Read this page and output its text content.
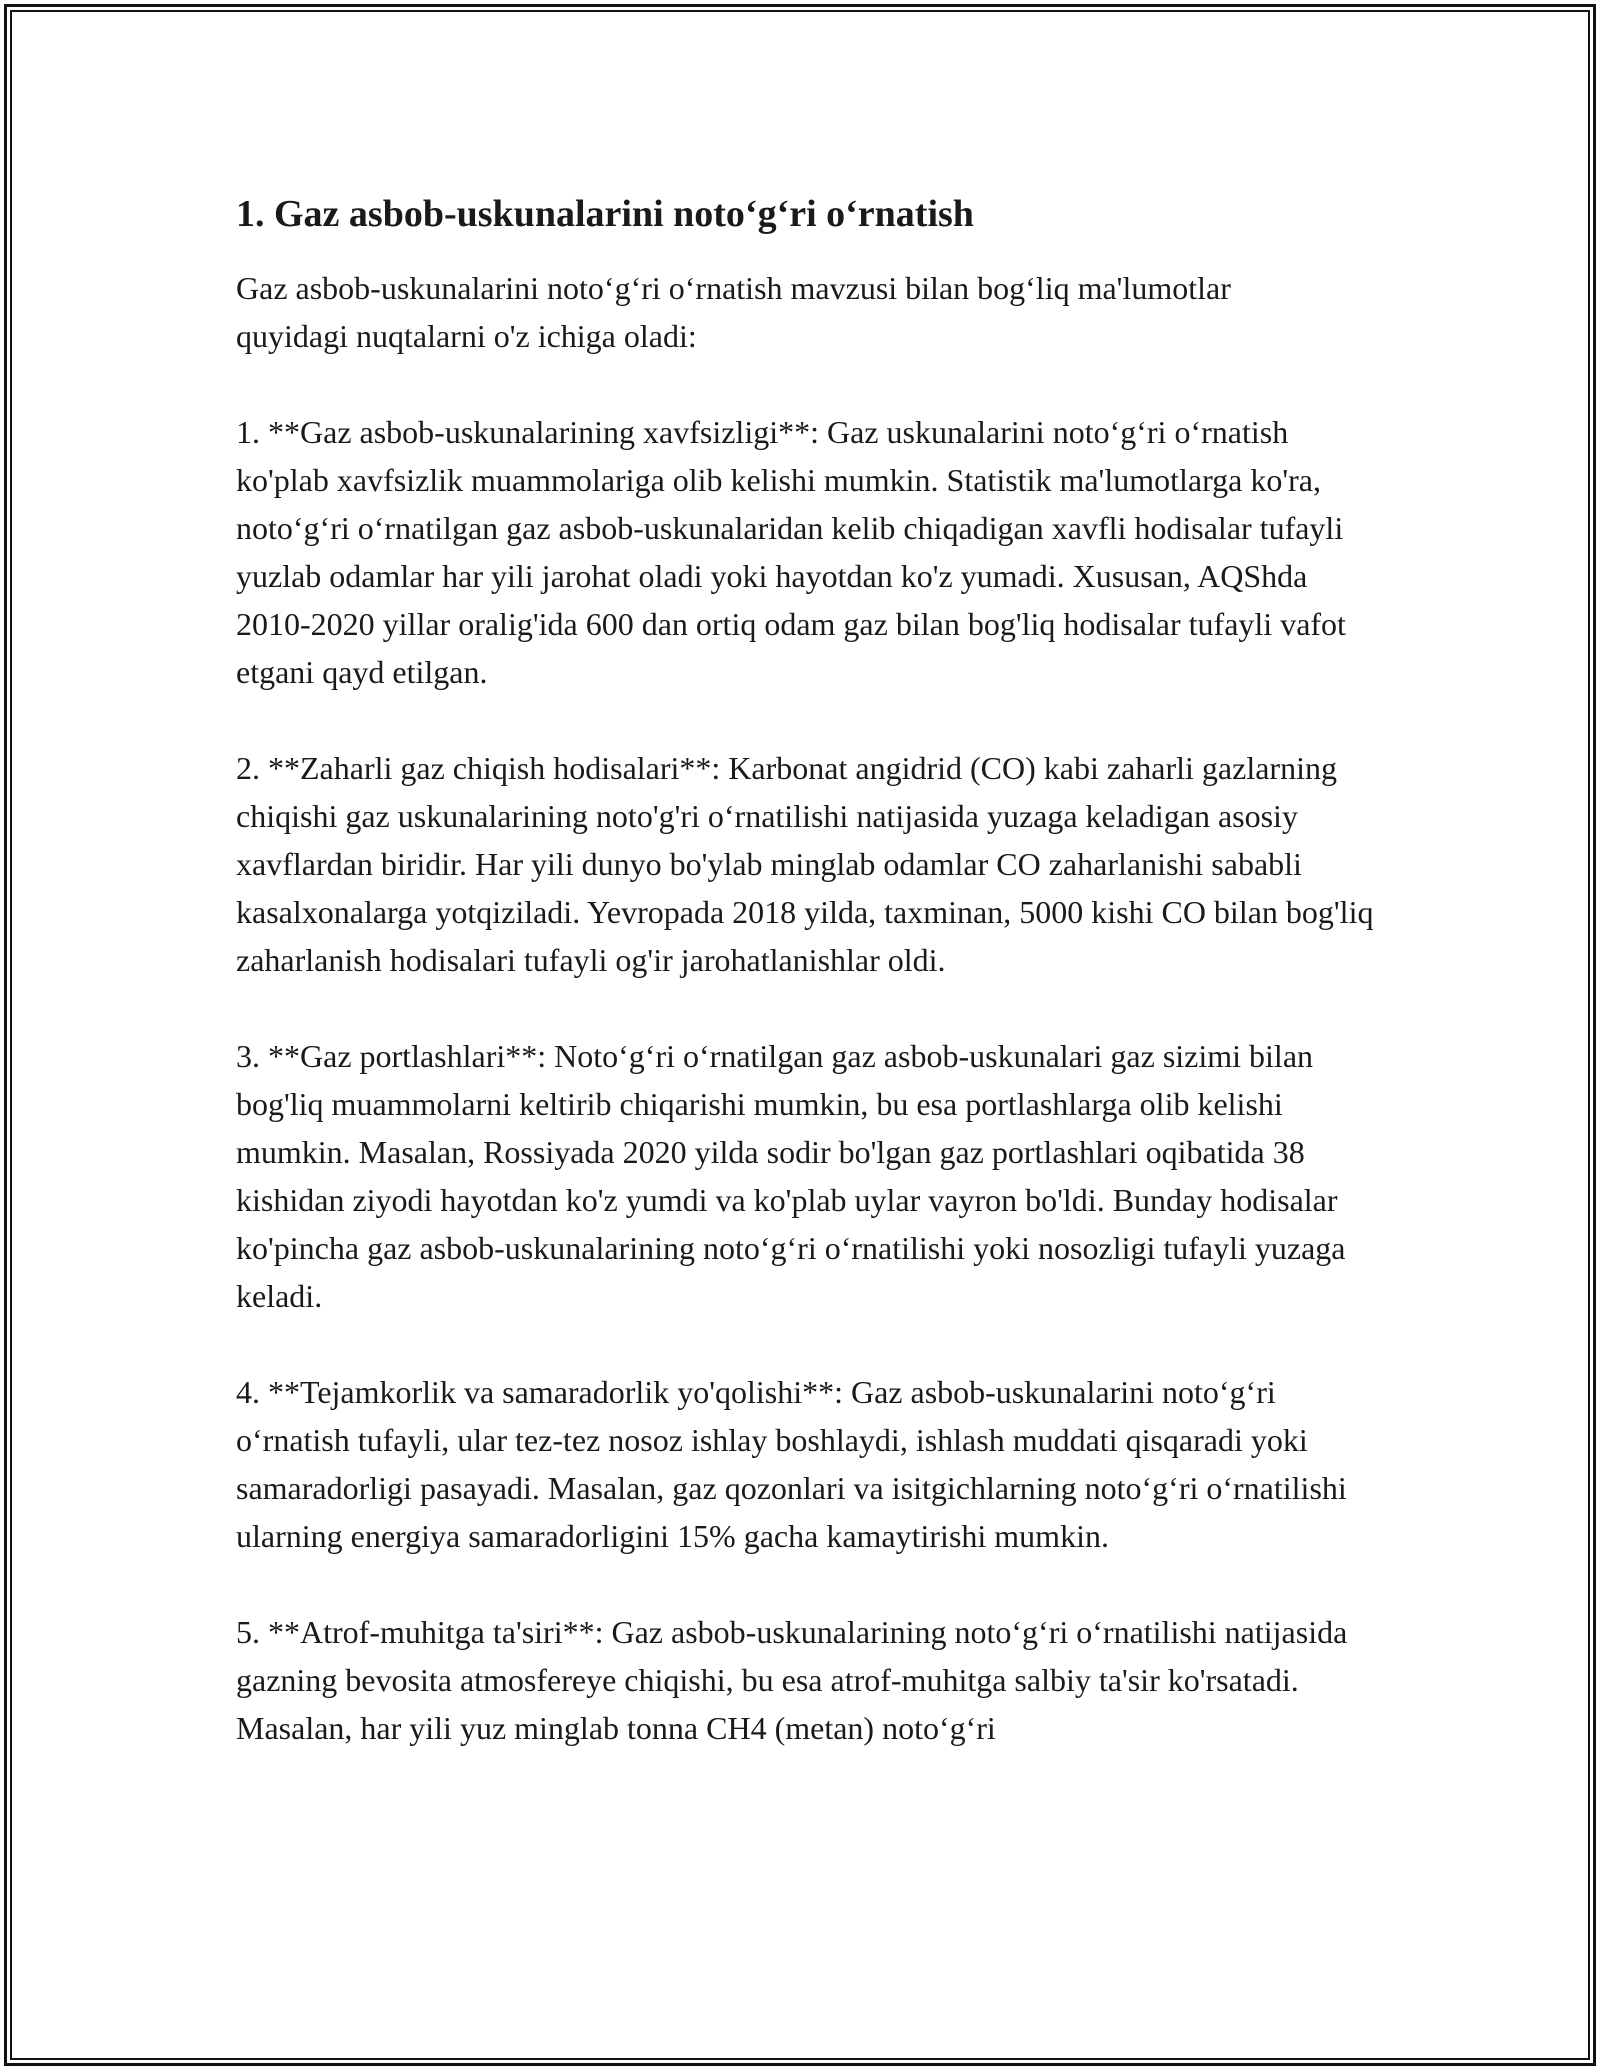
1. Gaz asbob-uskunalarini noto‘g‘ri o‘rnatish

Gaz asbob-uskunalarini noto‘g‘ri o‘rnatish mavzusi bilan bog‘liq ma'lumotlar quyidagi nuqtalarni o'z ichiga oladi:

1. **Gaz asbob-uskunalarining xavfsizligi**: Gaz uskunalarini noto‘g‘ri o‘rnatish ko'plab xavfsizlik muammolariga olib kelishi mumkin. Statistik ma'lumotlarga ko'ra, noto‘g‘ri o‘rnatilgan gaz asbob-uskunalaridan kelib chiqadigan xavfli hodisalar tufayli yuzlab odamlar har yili jarohat oladi yoki hayotdan ko'z yumadi. Xususan, AQShda 2010-2020 yillar oralig'ida 600 dan ortiq odam gaz bilan bog'liq hodisalar tufayli vafot etgani qayd etilgan.

2. **Zaharli gaz chiqish hodisalari**: Karbonat angidrid (CO) kabi zaharli gazlarning chiqishi gaz uskunalarining noto'g'ri o‘rnatilishi natijasida yuzaga keladigan asosiy xavflardan biridir. Har yili dunyo bo'ylab minglab odamlar CO zaharlanishi sababli kasalxonalarga yotqiziladi. Yevropada 2018 yilda, taxminan, 5000 kishi CO bilan bog'liq zaharlanish hodisalari tufayli og'ir jarohatlanishlar oldi.

3. **Gaz portlashlari**: Noto‘g‘ri o‘rnatilgan gaz asbob-uskunalari gaz sizimi bilan bog'liq muammolarni keltirib chiqarishi mumkin, bu esa portlashlarga olib kelishi mumkin. Masalan, Rossiyada 2020 yilda sodir bo'lgan gaz portlashlari oqibatida 38 kishidan ziyodi hayotdan ko'z yumdi va ko'plab uylar vayron bo'ldi. Bunday hodisalar ko'pincha gaz asbob-uskunalarining noto‘g‘ri o‘rnatilishi yoki nosozligi tufayli yuzaga keladi.

4. **Tejamkorlik va samaradorlik yo'qolishi**: Gaz asbob-uskunalarini noto‘g‘ri o‘rnatish tufayli, ular tez-tez nosoz ishlay boshlaydi, ishlash muddati qisqaradi yoki samaradorligi pasayadi. Masalan, gaz qozonlari va isitgichlarning noto‘g‘ri o‘rnatilishi ularning energiya samaradorligini 15% gacha kamaytirishi mumkin.

5. **Atrof-muhitga ta'siri**: Gaz asbob-uskunalarining noto‘g‘ri o‘rnatilishi natijasida gazning bevosita atmosfereye chiqishi, bu esa atrof-muhitga salbiy ta'sir ko'rsatadi. Masalan, har yili yuz minglab tonna CH4 (metan) noto‘g‘ri
